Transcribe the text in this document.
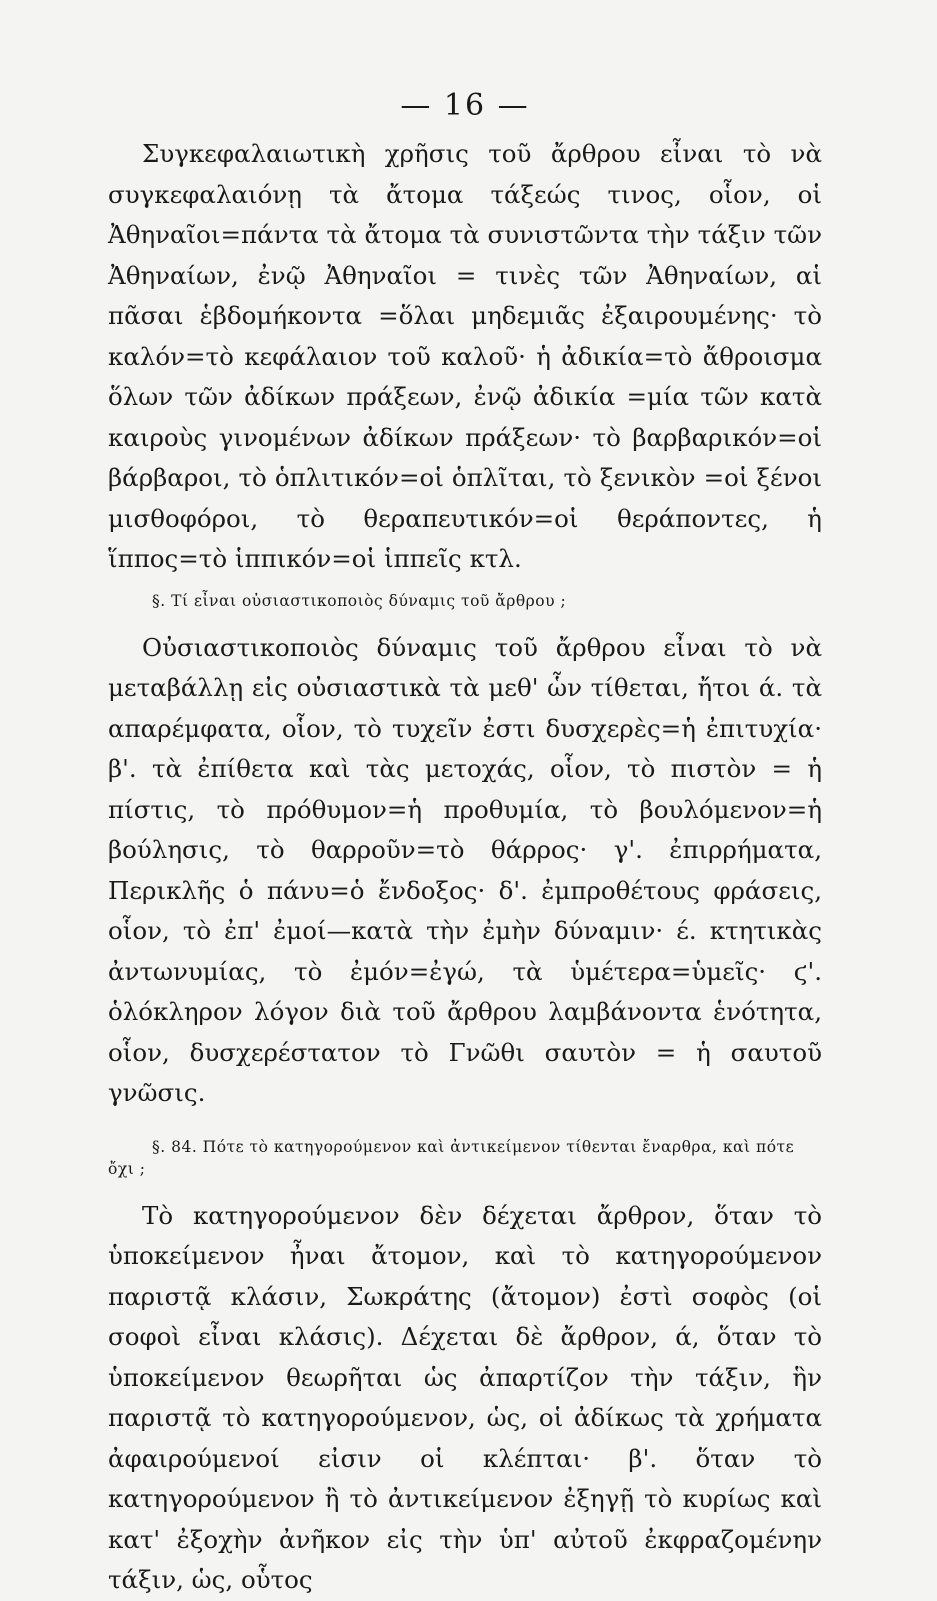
— 16 —

Συγκεφαλαιωτικὴ χρῆσις τοῦ ἄρθρου εἶναι τὸ νὰ συγκεφαλαιόνῃ τὰ ἄτομα τάξεώς τινος, οἷον, οἱ Ἀθηναῖοι=πάντα τὰ ἄτομα τὰ συνιστῶντα τὴν τάξιν τῶν Ἀθηναίων, ἐνῷ Ἀθηναῖοι = τινὲς τῶν Ἀθηναίων, αἱ πᾶσαι ἑβδομήκοντα =ὅλαι μηδεμιᾶς ἐξαιρουμένης· τὸ καλόν=τὸ κεφάλαιον τοῦ καλοῦ· ἡ ἀδικία=τὸ ἄθροισμα ὅλων τῶν ἀδίκων πράξεων, ἐνῷ ἀδικία =μία τῶν κατὰ καιροὺς γινομένων ἀδίκων πράξεων· τὸ βαρβαρικόν=οἱ βάρβαροι, τὸ ὁπλιτικόν=οἱ ὁπλῖται, τὸ ξενικὸν =οἱ ξένοι μισθοφόροι, τὸ θεραπευτικόν=οἱ θεράποντες, ἡ ἵππος=τὸ ἱππικόν=οἱ ἱππεῖς κτλ.

§. Τί εἶναι οὐσιαστικοποιὸς δύναμις τοῦ ἄρθρου ;

Οὐσιαστικοποιὸς δύναμις τοῦ ἄρθρου εἶναι τὸ νὰ μεταβάλλῃ εἰς οὐσιαστικὰ τὰ μεθ' ὧν τίθεται, ἤτοι ά. τὰ απαρέμφατα, οἷον, τὸ τυχεῖν ἐστι δυσχερὲς=ἡ ἐπιτυχία· β'. τὰ ἐπίθετα καὶ τὰς μετοχάς, οἷον, τὸ πιστὸν = ἡ πίστις, τὸ πρόθυμον=ἡ προθυμία, τὸ βουλόμενον=ἡ βούλησις, τὸ θαρροῦν=τὸ θάρρος· γ'. ἐπιρρήματα, Περικλῆς ὁ πάνυ=ὁ ἔνδοξος· δ'. ἐμπροθέτους φράσεις, οἷον, τὸ ἐπ' ἐμοί—κατὰ τὴν ἐμὴν δύναμιν· έ. κτητικὰς ἀντωνυμίας, τὸ ἐμόν=ἐγώ, τὰ ὑμέτερα=ὑμεῖς· ϛ'. ὁλόκληρον λόγον διὰ τοῦ ἄρθρου λαμβάνοντα ἑνότητα, οἷον, δυσχερέστατον τὸ Γνῶθι σαυτὸν = ἡ σαυτοῦ γνῶσις.

§. 84. Πότε τὸ κατηγορούμενον καὶ ἀντικείμενον τίθενται ἔναρθρα, καὶ πότε ὄχι ;

Τὸ κατηγορούμενον δὲν δέχεται ἄρθρον, ὅταν τὸ ὑποκείμενον ἦναι ἄτομον, καὶ τὸ κατηγορούμενον παριστᾷ κλάσιν, Σωκράτης (ἄτομον) ἐστὶ σοφὸς (οἱ σοφοὶ εἶναι κλάσις). Δέχεται δὲ ἄρθρον, ά, ὅταν τὸ ὑποκείμενον θεωρῆται ὡς ἀπαρτίζον τὴν τάξιν, ἣν παριστᾷ τὸ κατηγορούμενον, ὡς, οἱ ἀδίκως τὰ χρήματα ἀφαιρούμενοί εἰσιν οἱ κλέπται· β'. ὅταν τὸ κατηγορούμενον ἢ τὸ ἀντικείμενον ἐξηγῇ τὸ κυρίως καὶ κατ' ἐξοχὴν ἀνῆκον εἰς τὴν ὑπ' αὐτοῦ ἐκφραζομένην τάξιν, ὡς, οὗτος
